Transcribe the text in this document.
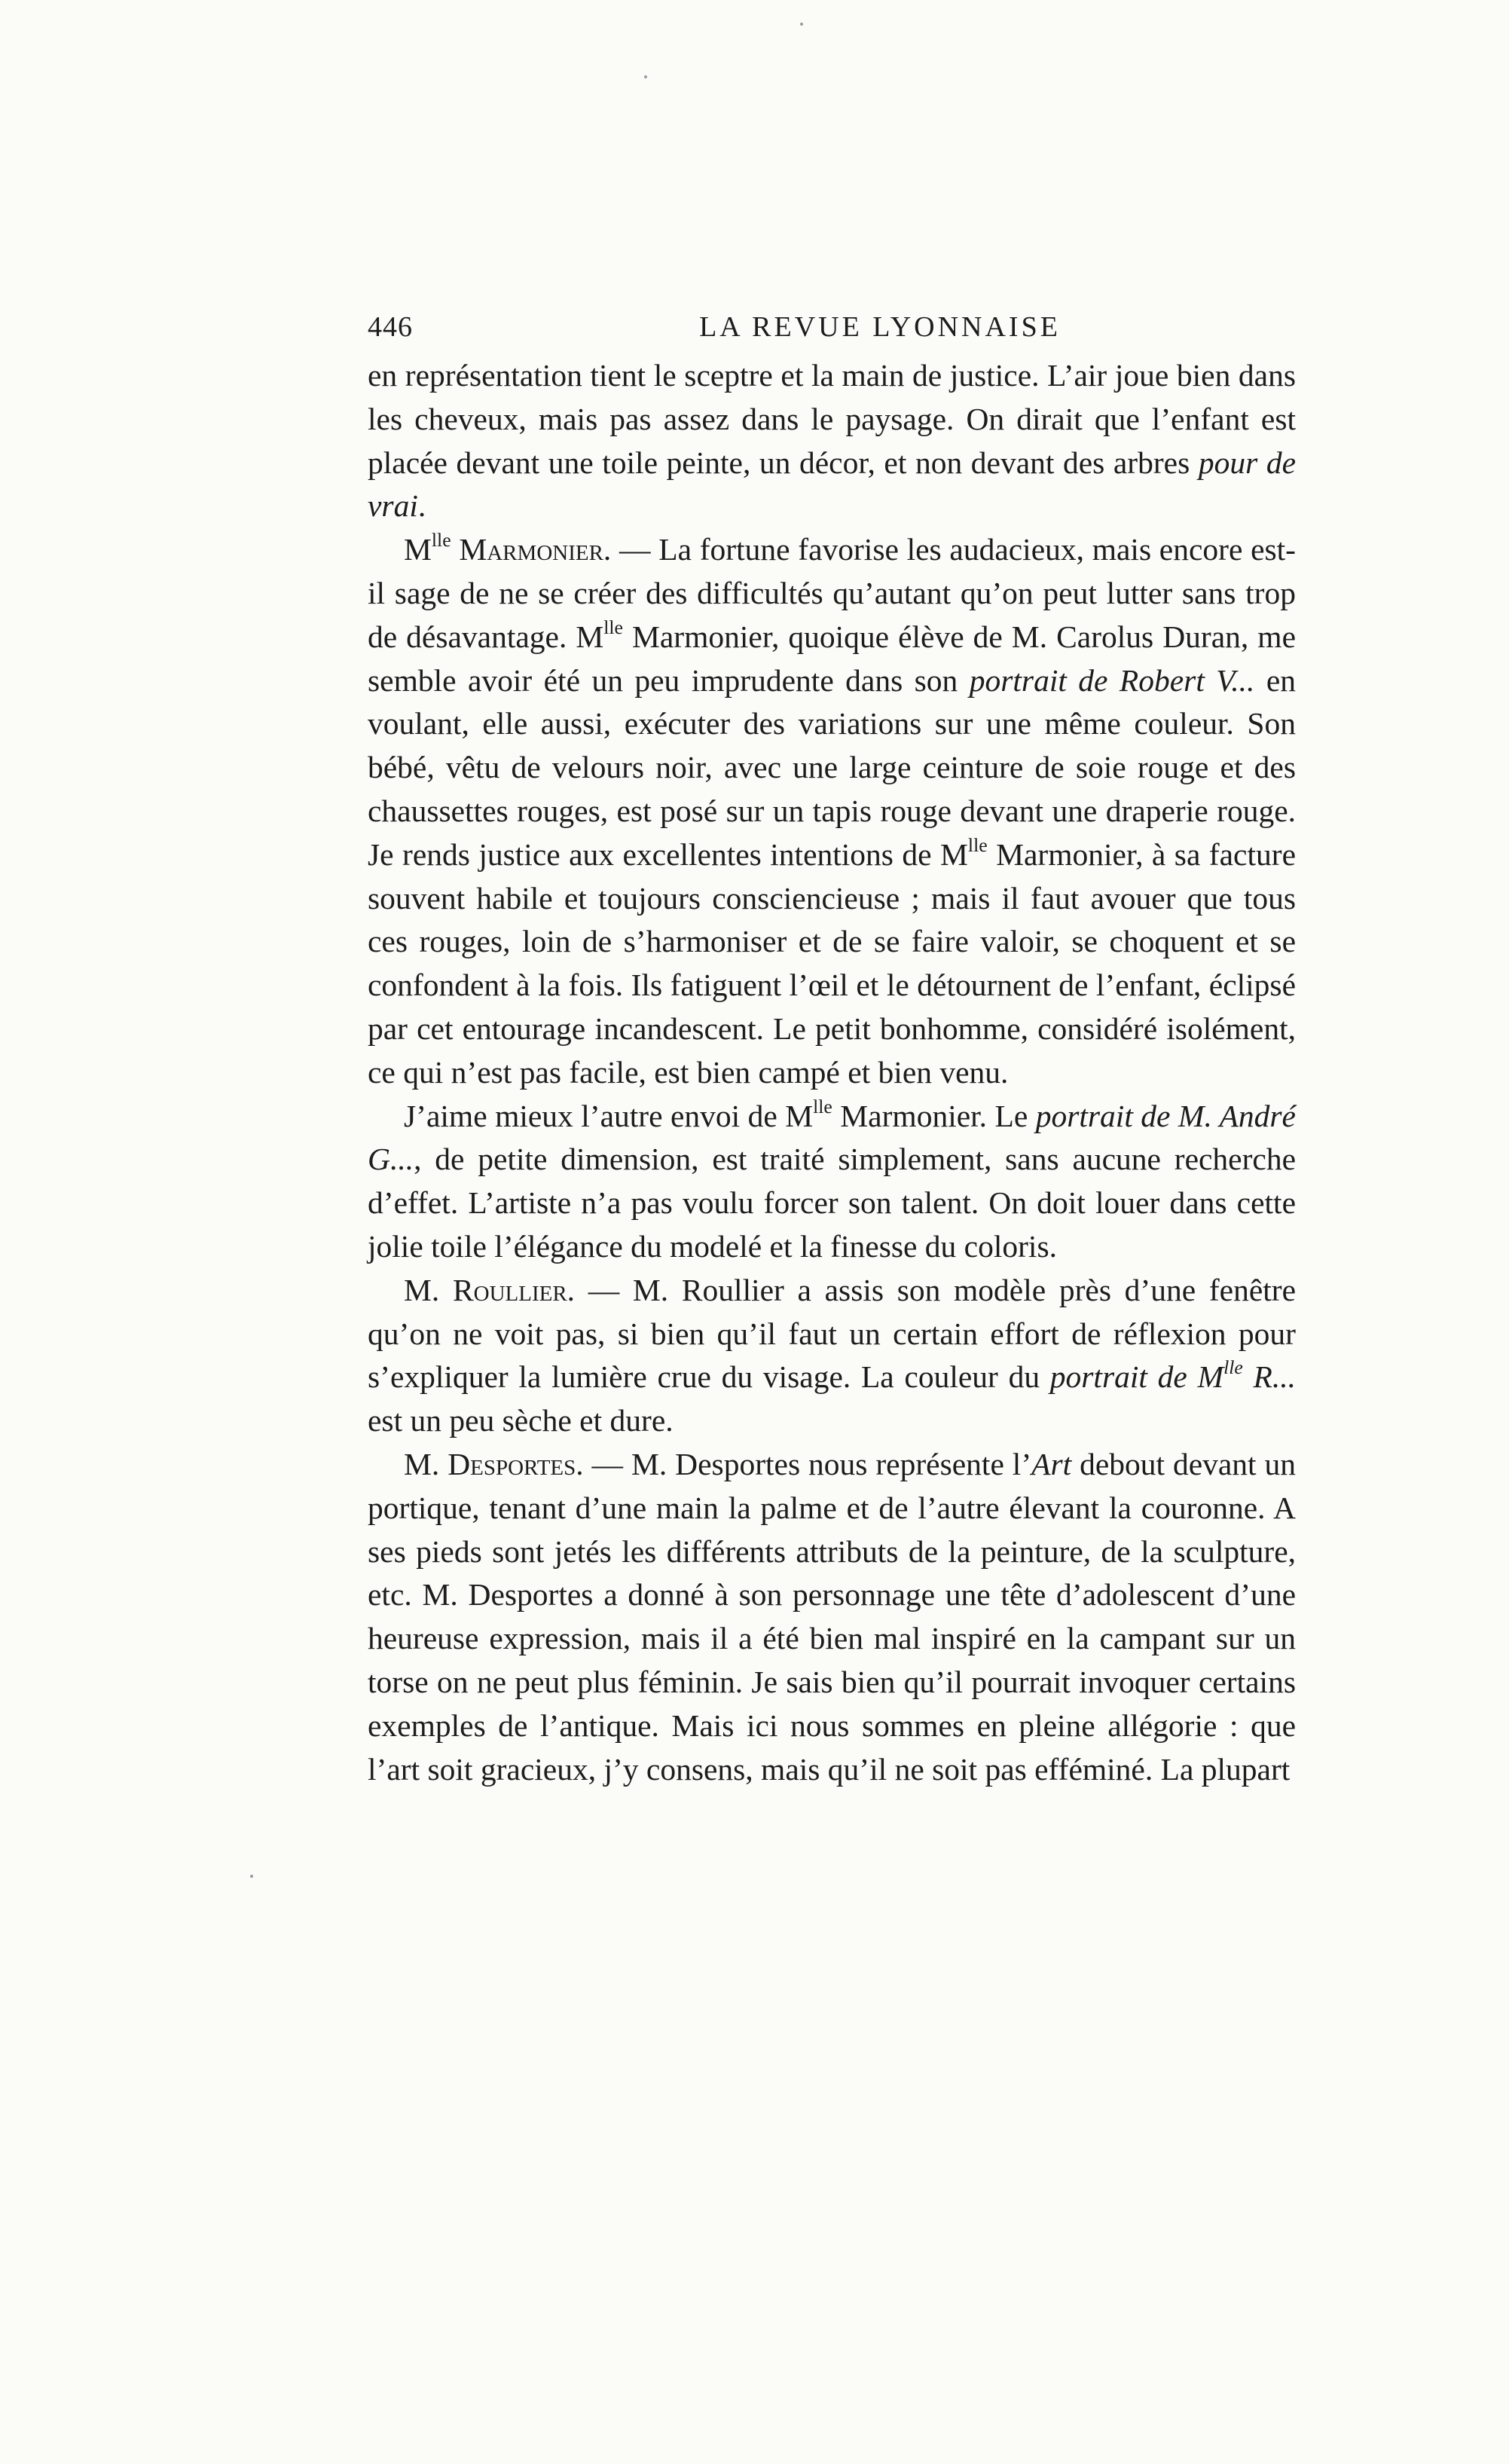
446	LA REVUE LYONNAISE

en représentation tient le sceptre et la main de justice. L’air joue bien dans les cheveux, mais pas assez dans le paysage. On dirait que l’enfant est placée devant une toile peinte, un décor, et non devant des arbres pour de vrai.

$M^{lle}$ Marmonier. — La fortune favorise les audacieux, mais encore est-il sage de ne se créer des difficultés qu’autant qu’on peut lutter sans trop de désavantage. $M^{lle}$ Marmonier, quoique élève de M. Carolus Duran, me semble avoir été un peu imprudente dans son portrait de Robert V... en voulant, elle aussi, exécuter des variations sur une même couleur. Son bébé, vêtu de velours noir, avec une large ceinture de soie rouge et des chaussettes rouges, est posé sur un tapis rouge devant une draperie rouge. Je rends justice aux excellentes intentions de $M^{lle}$ Marmonier, à sa facture souvent habile et toujours consciencieuse ; mais il faut avouer que tous ces rouges, loin de s’harmoniser et de se faire valoir, se choquent et se confondent à la fois. Ils fatiguent l’œil et le détournent de l’enfant, éclipsé par cet entourage incandescent. Le petit bonhomme, considéré isolément, ce qui n’est pas facile, est bien campé et bien venu.

J’aime mieux l’autre envoi de $M^{lle}$ Marmonier. Le portrait de M. André G..., de petite dimension, est traité simplement, sans aucune recherche d’effet. L’artiste n’a pas voulu forcer son talent. On doit louer dans cette jolie toile l’élégance du modelé et la finesse du coloris.

M. Roullier. — M. Roullier a assis son modèle près d’une fenêtre qu’on ne voit pas, si bien qu’il faut un certain effort de réflexion pour s’expliquer la lumière crue du visage. La couleur du portrait de $M^{lle}$ R... est un peu sèche et dure.

M. Desportes. — M. Desportes nous représente l’Art debout devant un portique, tenant d’une main la palme et de l’autre élevant la couronne. A ses pieds sont jetés les différents attributs de la peinture, de la sculpture, etc. M. Desportes a donné à son personnage une tête d’adolescent d’une heureuse expression, mais il a été bien mal inspiré en la campant sur un torse on ne peut plus féminin. Je sais bien qu’il pourrait invoquer certains exemples de l’antique. Mais ici nous sommes en pleine allégorie : que l’art soit gracieux, j’y consens, mais qu’il ne soit pas efféminé. La plupart
